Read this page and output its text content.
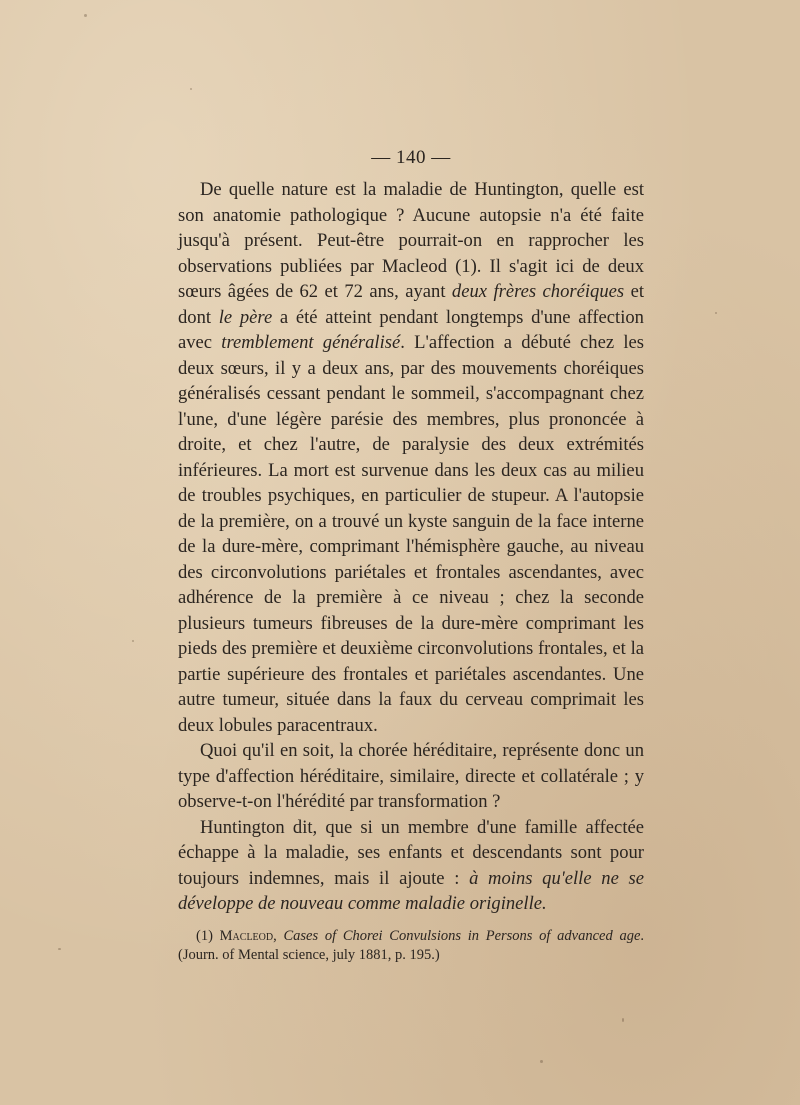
— 140 —

De quelle nature est la maladie de Huntington, quelle est son anatomie pathologique ? Aucune autopsie n'a été faite jusqu'à présent. Peut-être pourrait-on en rapprocher les observations publiées par Macleod (1). Il s'agit ici de deux sœurs âgées de 62 et 72 ans, ayant deux frères choréiques et dont le père a été atteint pendant longtemps d'une affection avec tremblement généralisé. L'affection a débuté chez les deux sœurs, il y a deux ans, par des mouvements choréiques généralisés cessant pendant le sommeil, s'accompagnant chez l'une, d'une légère parésie des membres, plus prononcée à droite, et chez l'autre, de paralysie des deux extrémités inférieures. La mort est survenue dans les deux cas au milieu de troubles psychiques, en particulier de stupeur. A l'autopsie de la première, on a trouvé un kyste sanguin de la face interne de la dure-mère, comprimant l'hémisphère gauche, au niveau des circonvolutions pariétales et frontales ascendantes, avec adhérence de la première à ce niveau ; chez la seconde plusieurs tumeurs fibreuses de la dure-mère comprimant les pieds des première et deuxième circonvolutions frontales, et la partie supérieure des frontales et pariétales ascendantes. Une autre tumeur, située dans la faux du cerveau comprimait les deux lobules paracentraux.

Quoi qu'il en soit, la chorée héréditaire, représente donc un type d'affection héréditaire, similaire, directe et collatérale ; y observe-t-on l'hérédité par transformation ?

Huntington dit, que si un membre d'une famille affectée échappe à la maladie, ses enfants et descendants sont pour toujours indemnes, mais il ajoute : à moins qu'elle ne se développe de nouveau comme maladie originelle.

(1) Macleod, Cases of Chorei Convulsions in Persons of advanced age. (Journ. of Mental science, july 1881, p. 195.)
